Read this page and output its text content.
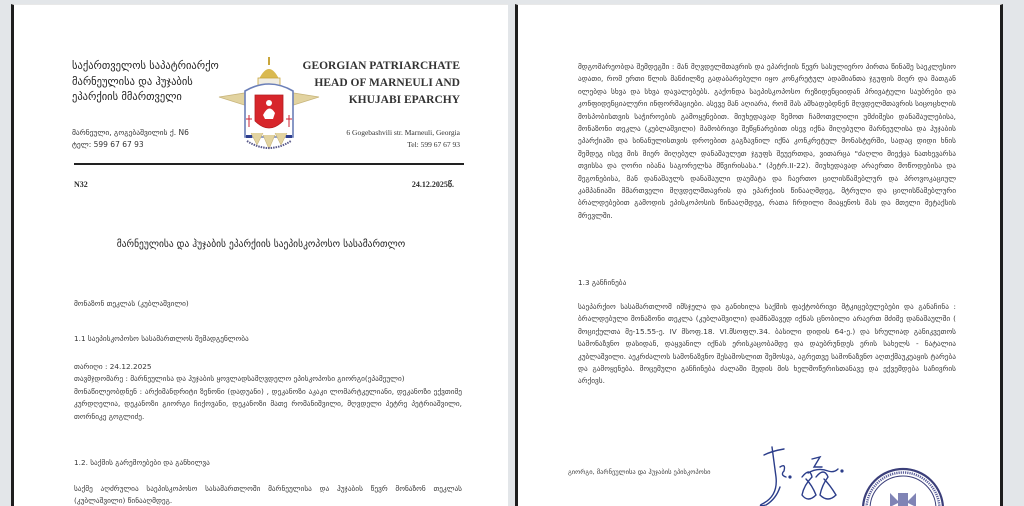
საქართველოს საპატრიარქო
მარნეულისა და ჰუჯაბის
ეპარქიის მმართველი
მარნეული, გოგებაშვილის ქ. N6
ტელ: 599 67 67 93
GEORGIAN PATRIARCHATE
HEAD OF MARNEULI AND
KHUJABI EPARCHY
6 Gogebashvili str. Marneuli, Georgia
Tel: 599 67 67 93
N32	24.12.2025წ.
მარნეულისა და ჰუჯაბის ეპარქიის საეპისკოპოსო სასამართლო
მონაზონ თეკლას (კუბლაშვილი)
1.1 საეპისკოპოსო სასამართლოს შემადგენლობა
თარიღი : 24.12.2025
თავმჯდომარე : მარნეულისა და ჰუჯაბის ყოვლადსამღვდელო ეპისკოპოსი გიორგი(ეპამეული)
მონაწილეობდნენ : არქიმანდრიტი ზენონი (დადუანი) , დეკანოზი აკაკი ლომარტკელიანი, დეკანოზი ექვთიმე კურდღელია, დეკანოზი გიორგი ჩიქოვანი, დეკანოზი მათე რომანიშვილი, მღვდელი პეტრე პეტრიაშვილი, თორნიკე გოგლიძე.
1.2. საქმის გარემოებები და განხილვა
საქმე აღძრულია საეპისკოპოსო სასამართლოში მარნეულისა და ჰუჯაბის წევრ მონაზონ თეკლას (კუბლაშვილი) წინააღმდეგ.
მდგომარეობდა შემდეგში : მან მღვდელმთავრის და ეპარქიის წევრ სასულიერო პირთა წინაშე საეკლესიო ადათი, რომ ერთი წლის მანძილზე გადაბარებული იყო კონკრეტულ ადამიანთა ჯგუფის მიერ და მათგან ილებდა სხვა და სხვა დავალებებს. გაქონდა საეპისკოპოსო რეზიდენციიდან პრივატული საუბრები და კონფიდენციალური ინფორმაციები. ასევე მან აღიარა, რომ მას აშხადებდნენ მღვდელმთავრის სიცოცხლის მოსპობისთვის საჭიროების გამოყენებით. მიუხედავად ზემოთ ჩამოთვლილი უმძიმესი დანაშაულებისა, მონაზონი თეკლა (კუბლაშვილი) მამობრივი შეწყნარებით ისევ იქნა მიღებული მარნეულისა და ჰუჯაბის ეპარქიაში და სინანულისთვის დროებით გაგზავნილ იქნა კონკრეტულ მონასტერში, სადაც დიდი ხნის შემდეგ ისევ მის მიერ მიღებულ დანაშაულეთ ჯგუფს შეუერთდა, ვითარცა "ძაღლი მიექცა ნათხევარსა თვისსა და ღორი იბანა საგორელსა მწვირისასა." (პეტრ.II-22). მიუხედავად არაერთი მოწოდებისა და შეგონებისა, მან დანაშაულს დანაშაული დაუმატა და ჩაერთო ცილისწამებლურ და პროვოკაციულ კამპანიაში მმართველი მღვდელმთავრის და ეპარქიის წინააღმდეგ, მტრული და ცილისწამებლური ბრალდებებით გამოდის ეპისკოპოსის წინააღმდეგ, რათა ჩრდილი მიაყენოს მას და მთელი მეტაქსის მრევლში.
1.3 განჩინება
საეპარქიო სასამართლომ იმსჯელა და განიხილა საქმის ფაქტობრივი მტკიცებულებები და განაჩინა : ბრალდებული მონაზონი თეკლა (კუბლაშვილი) დამნაშავედ იქნას ცნობილი არაერთ მძიმე დანაშაულში ( მოციქულთა მე-15.55-ე. IV მსოფ.18. VI.მსოფლ.34. ბასილი დიდის 64-ე.) და სრულიად განიკვეთოს სამონაზვნო დასიდან, დაყვანილ იქნას ერისკაცობამდე და დაუბრუნდეს ერის სახელს - ნატალია კუბლაშვილი. აეკრძალოს სამონაზვნო შესამოსლით შემოსვა, აგრეთვე სამონაზვნო აღთქმაუკუაყის ტარება და გამოყენება. მოცემული განჩინება ძალაში შედის მის ხელმოწერისთანავე და ექვემდება საჩივრის არქივს.
გიორგი, მარნეულისა და ჰუჯაბის ეპისკოპოსი
